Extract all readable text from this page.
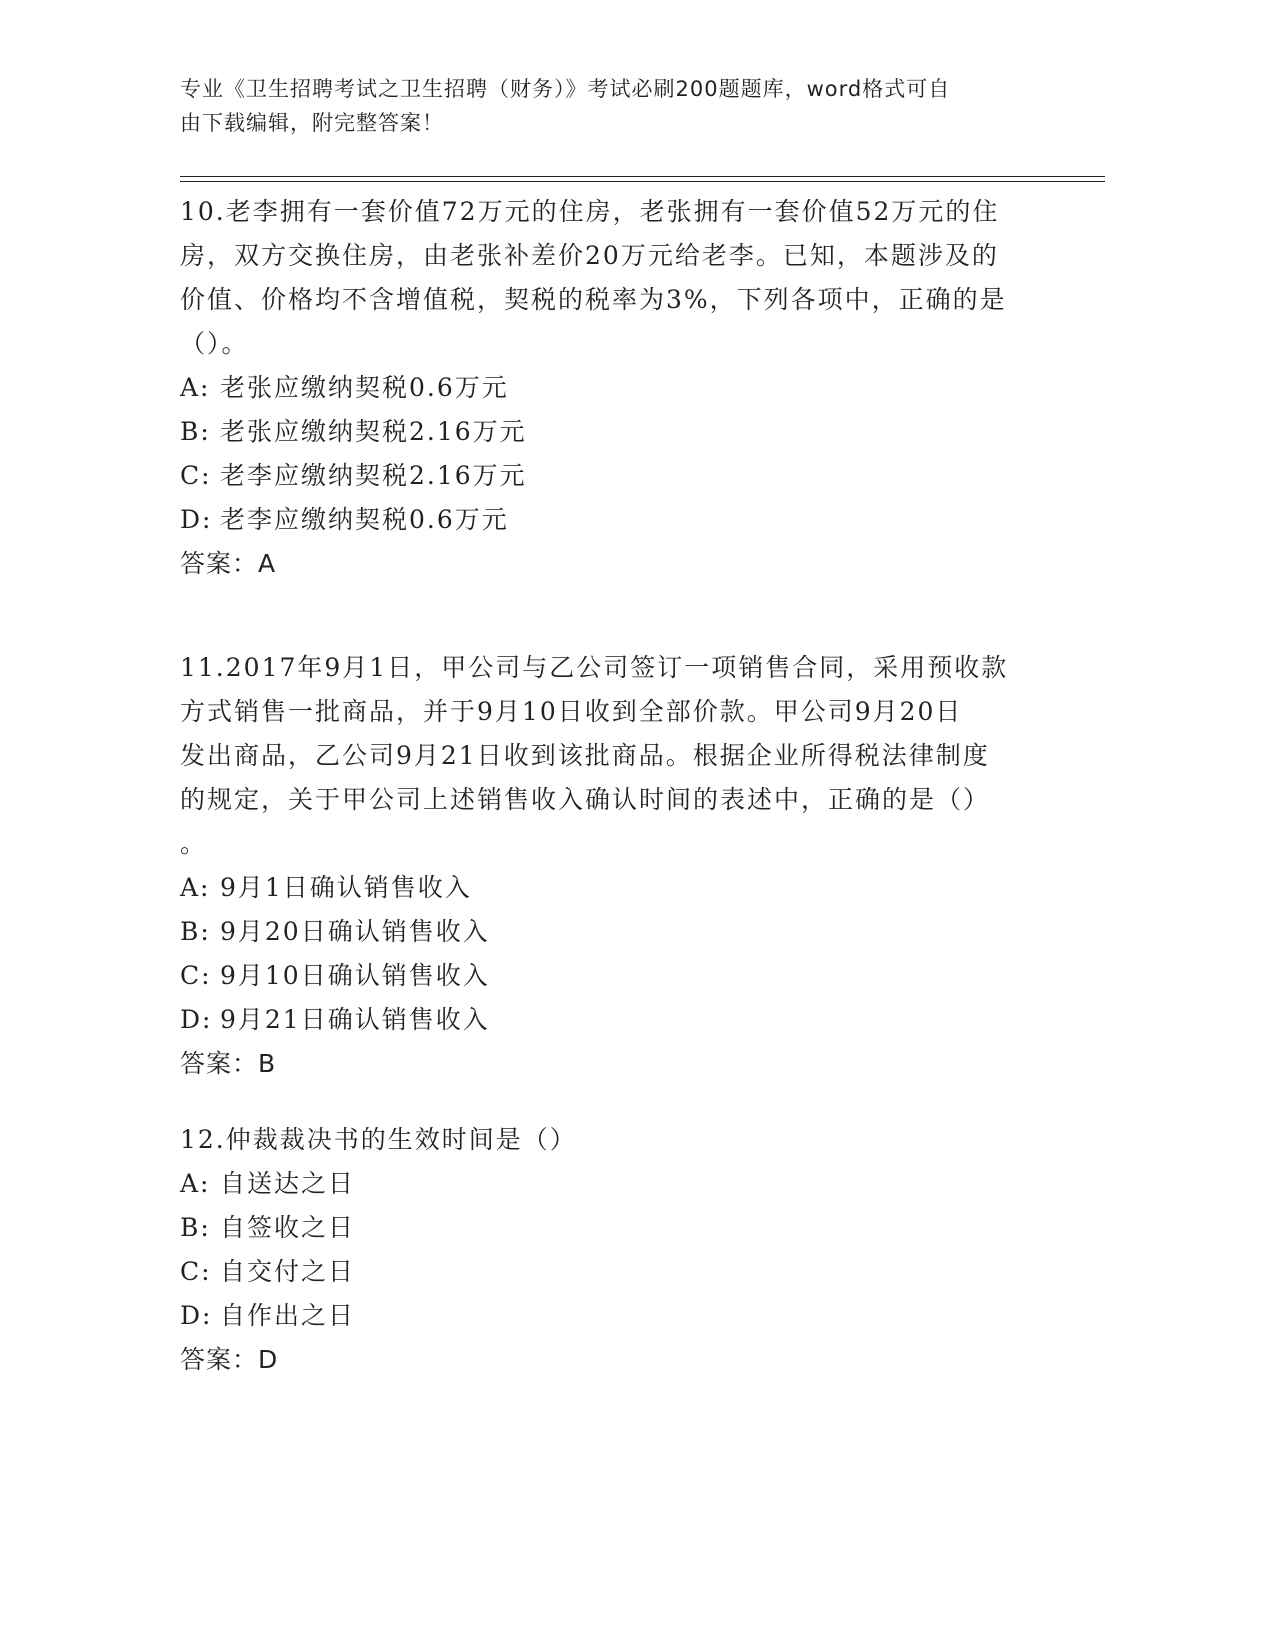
专业《卫生招聘考试之卫生招聘（财务）》考试必刷200题题库，word格式可自
由下载编辑，附完整答案！

10.老李拥有一套价值72万元的住房，老张拥有一套价值52万元的住

房，双方交换住房，由老张补差价20万元给老李。已知，本题涉及的

价值、价格均不含增值税，契税的税率为3%，下列各项中，正确的是

（）。

A: 老张应缴纳契税0.6万元

B: 老张应缴纳契税2.16万元

C: 老李应缴纳契税2.16万元

D: 老李应缴纳契税0.6万元

答案：A

11.2017年9月1日，甲公司与乙公司签订一项销售合同，采用预收款

方式销售一批商品，并于9月10日收到全部价款。甲公司9月20日

发出商品，乙公司9月21日收到该批商品。根据企业所得税法律制度

的规定，关于甲公司上述销售收入确认时间的表述中，正确的是（）

。

A: 9月1日确认销售收入

B: 9月20日确认销售收入

C: 9月10日确认销售收入

D: 9月21日确认销售收入

答案：B

12.仲裁裁决书的生效时间是（）

A: 自送达之日

B: 自签收之日

C: 自交付之日

D: 自作出之日

答案：D
